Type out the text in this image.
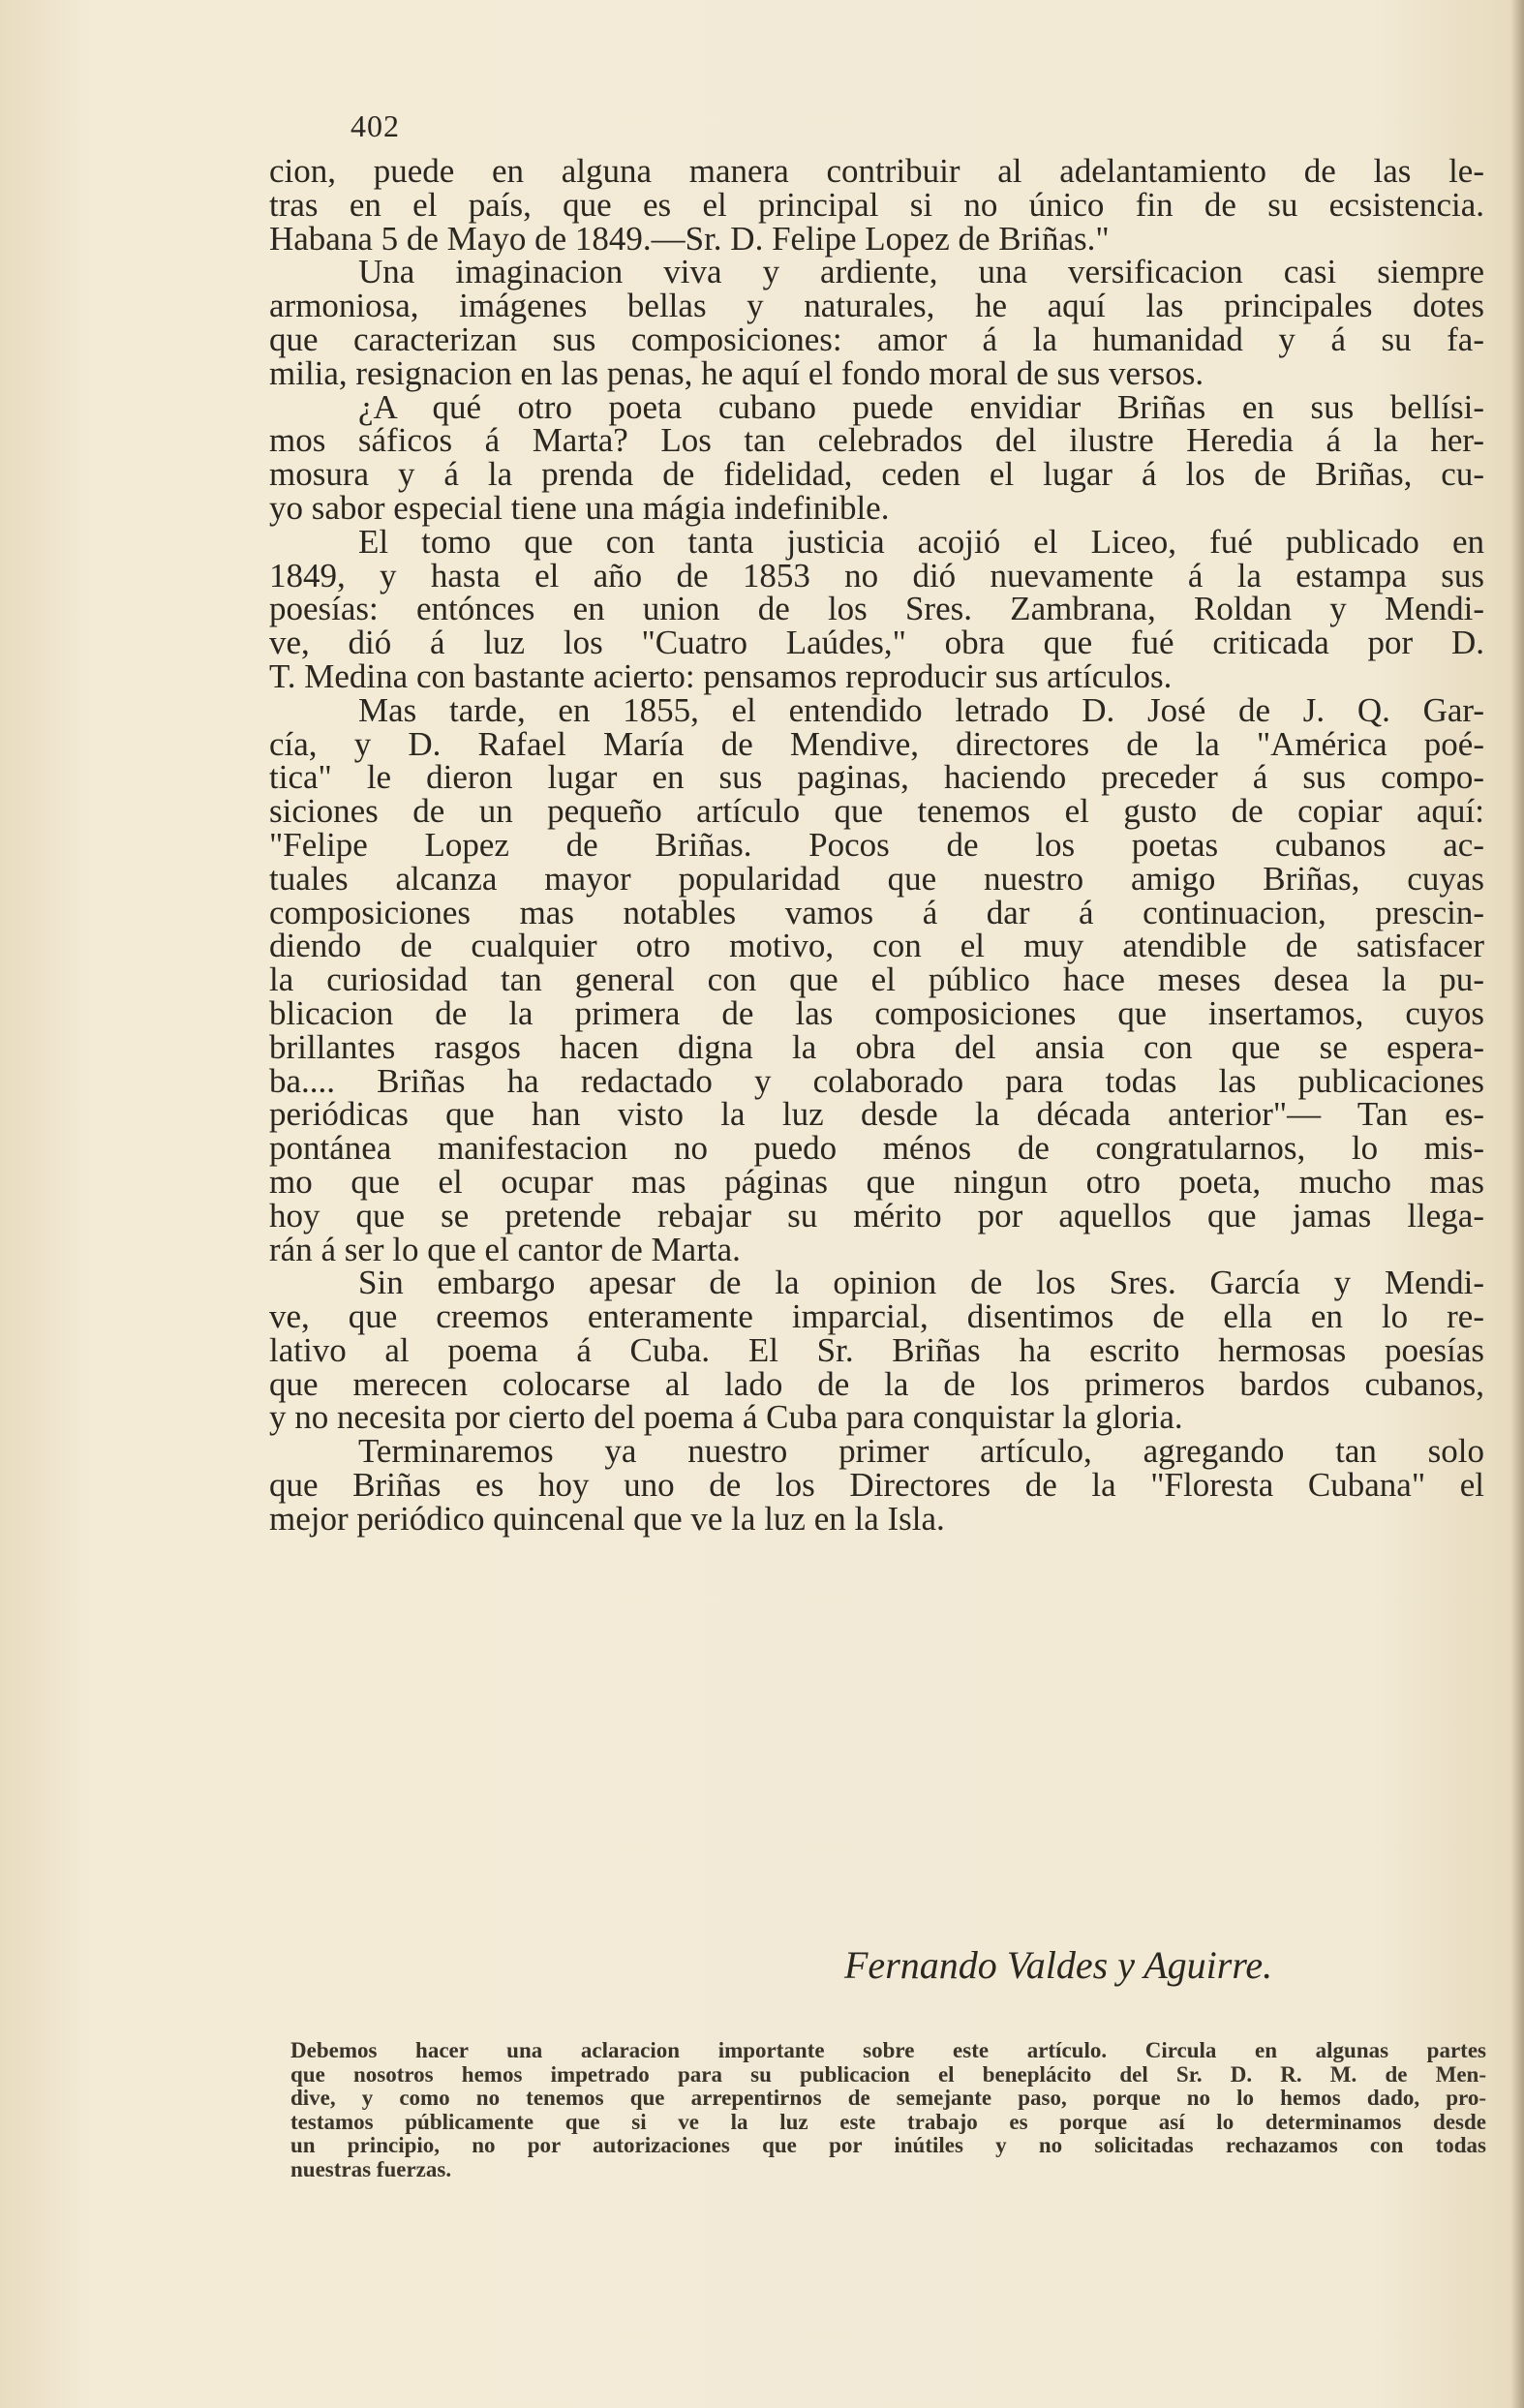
402
cion, puede en alguna manera contribuir al adelantamiento de las le-
tras en el país, que es el principal si no único fin de su ecsistencia.
Habana 5 de Mayo de 1849.—Sr. D. Felipe Lopez de Briñas."
Una imaginacion viva y ardiente, una versificacion casi siempre
armoniosa, imágenes bellas y naturales, he aquí las principales dotes
que caracterizan sus composiciones: amor á la humanidad y á su fa-
milia, resignacion en las penas, he aquí el fondo moral de sus versos.
¿A qué otro poeta cubano puede envidiar Briñas en sus bellísi-
mos sáficos á Marta? Los tan celebrados del ilustre Heredia á la her-
mosura y á la prenda de fidelidad, ceden el lugar á los de Briñas, cu-
yo sabor especial tiene una mágia indefinible.
El tomo que con tanta justicia acojió el Liceo, fué publicado en
1849, y hasta el año de 1853 no dió nuevamente á la estampa sus
poesías: entónces en union de los Sres. Zambrana, Roldan y Mendi-
ve, dió á luz los "Cuatro Laúdes," obra que fué criticada por D.
T. Medina con bastante acierto: pensamos reproducir sus artículos.
Mas tarde, en 1855, el entendido letrado D. José de J. Q. Gar-
cía, y D. Rafael María de Mendive, directores de la "América poé-
tica" le dieron lugar en sus paginas, haciendo preceder á sus compo-
siciones de un pequeño artículo que tenemos el gusto de copiar aquí:
"Felipe Lopez de Briñas. Pocos de los poetas cubanos ac-
tuales alcanza mayor popularidad que nuestro amigo Briñas, cuyas
composiciones mas notables vamos á dar á continuacion, prescin-
diendo de cualquier otro motivo, con el muy atendible de satisfacer
la curiosidad tan general con que el público hace meses desea la pu-
blicacion de la primera de las composiciones que insertamos, cuyos
brillantes rasgos hacen digna la obra del ansia con que se espera-
ba.... Briñas ha redactado y colaborado para todas las publicaciones
periódicas que han visto la luz desde la década anterior"— Tan es-
pontánea manifestacion no puedo ménos de congratularnos, lo mis-
mo que el ocupar mas páginas que ningun otro poeta, mucho mas
hoy que se pretende rebajar su mérito por aquellos que jamas llega-
rán á ser lo que el cantor de Marta.
Sin embargo apesar de la opinion de los Sres. García y Mendi-
ve, que creemos enteramente imparcial, disentimos de ella en lo re-
lativo al poema á Cuba. El Sr. Briñas ha escrito hermosas poesías
que merecen colocarse al lado de la de los primeros bardos cubanos,
y no necesita por cierto del poema á Cuba para conquistar la gloria.
Terminaremos ya nuestro primer artículo, agregando tan solo
que Briñas es hoy uno de los Directores de la "Floresta Cubana" el
mejor periódico quincenal que ve la luz en la Isla.
Fernando Valdes y Aguirre.
Debemos hacer una aclaracion importante sobre este artículo. Circula en algunas partes
que nosotros hemos impetrado para su publicacion el beneplácito del Sr. D. R. M. de Men-
dive, y como no tenemos que arrepentirnos de semejante paso, porque no lo hemos dado, pro-
testamos públicamente que si ve la luz este trabajo es porque así lo determinamos desde
un principio, no por autorizaciones que por inútiles y no solicitadas rechazamos con todas
nuestras fuerzas.
